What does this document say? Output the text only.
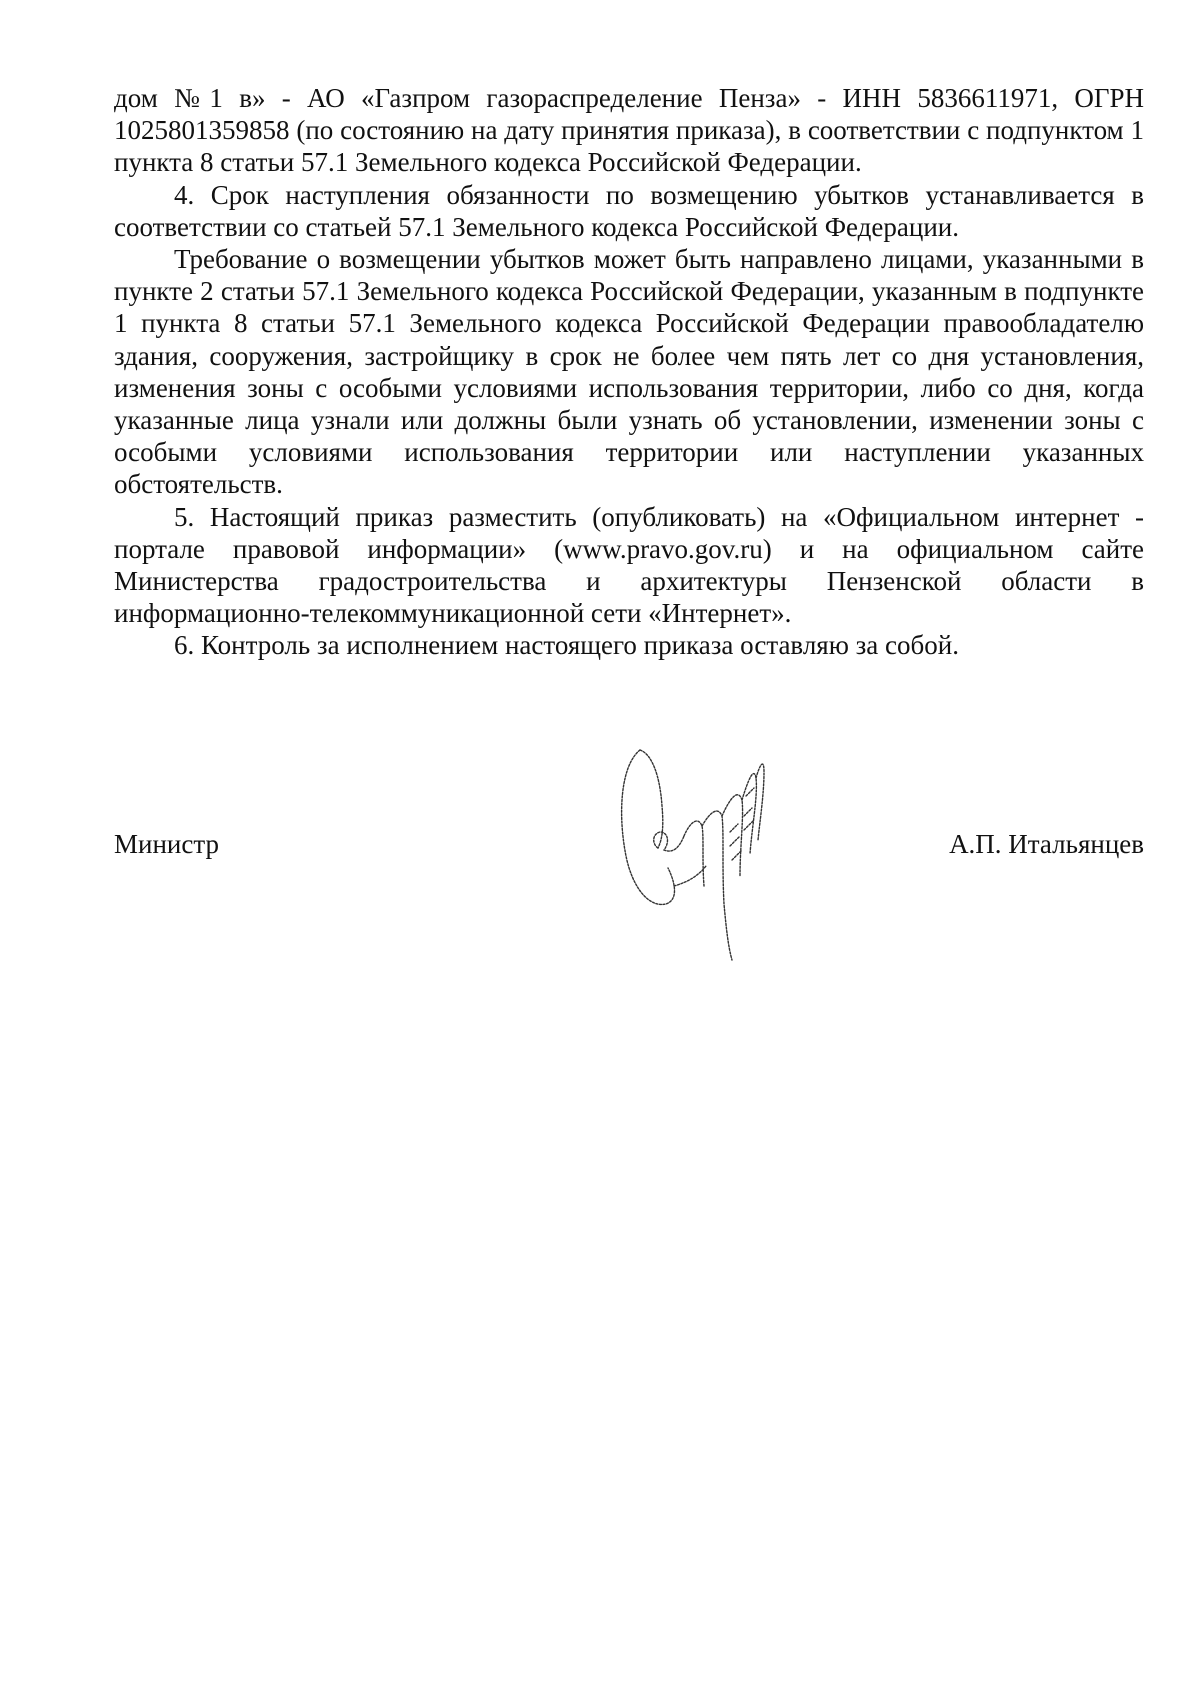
дом №1 в» - АО «Газпром газораспределение Пенза» - ИНН 5836611971, ОГРН 1025801359858 (по состоянию на дату принятия приказа), в соответствии с подпунктом 1 пункта 8 статьи 57.1 Земельного кодекса Российской Федерации.

4. Срок наступления обязанности по возмещению убытков устанавливается в соответствии со статьей 57.1 Земельного кодекса Российской Федерации.

Требование о возмещении убытков может быть направлено лицами, указанными в пункте 2 статьи 57.1 Земельного кодекса Российской Федерации, указанным в подпункте 1 пункта 8 статьи 57.1 Земельного кодекса Российской Федерации правообладателю здания, сооружения, застройщику в срок не более чем пять лет со дня установления, изменения зоны с особыми условиями использования территории, либо со дня, когда указанные лица узнали или должны были узнать об установлении, изменении зоны с особыми условиями использования территории или наступлении указанных обстоятельств.

5. Настоящий приказ разместить (опубликовать) на «Официальном интернет - портале правовой информации» (www.pravo.gov.ru) и на официальном сайте Министерства градостроительства и архитектуры Пензенской области в информационно-телекоммуникационной сети «Интернет».

6. Контроль за исполнением настоящего приказа оставляю за собой.

Министр	А.П. Итальянцев
